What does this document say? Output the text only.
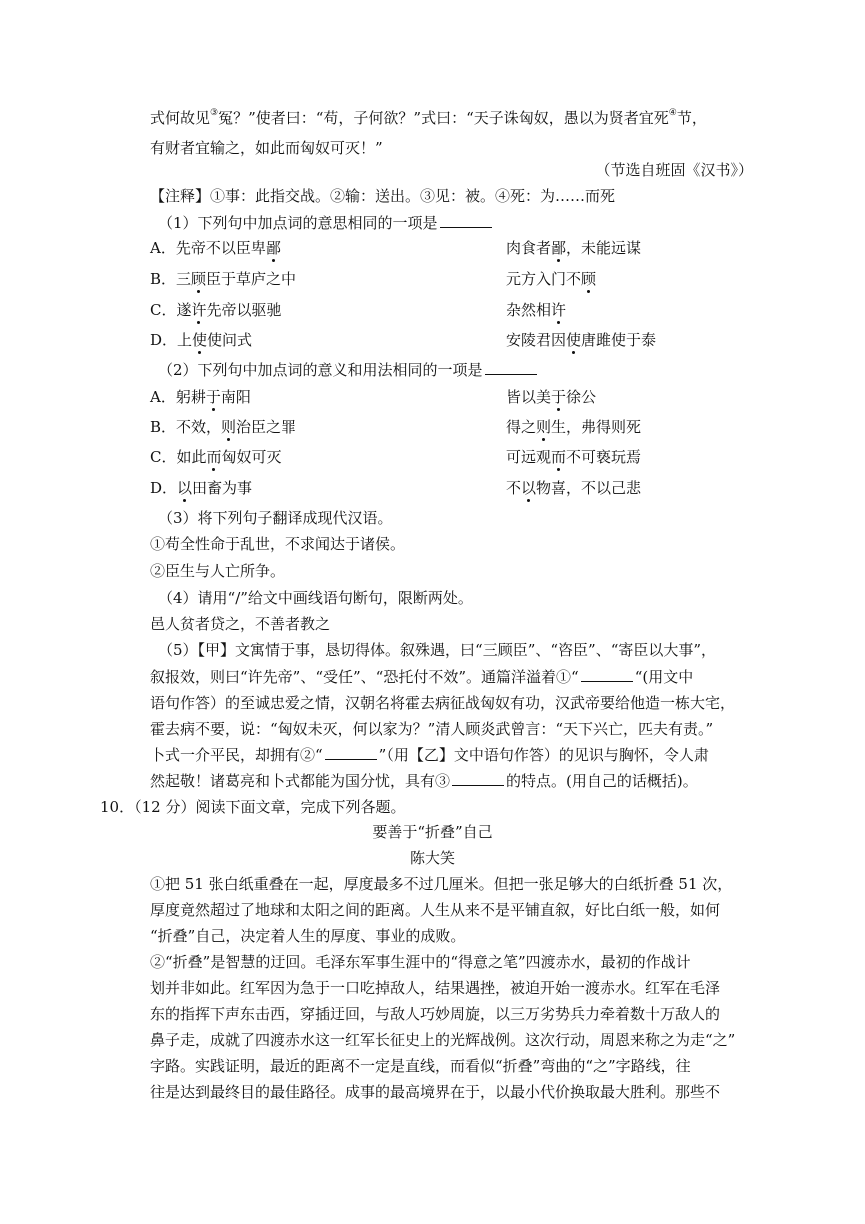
式何故见③冤？”使者曰：“苟，子何欲？”式曰：“天子诛匈奴，愚以为贤者宜死④节，
有财者宜输之，如此而匈奴可灭！”
（节选自班固《汉书》）
【注释】①事：此指交战。②输：送出。③见：被。④死：为……而死
（1）下列句中加点词的意思相同的一项是
A．先帝不以臣卑鄙	肉食者鄙，未能远谋
B．三顾臣于草庐之中	元方入门不顾
C．遂许先帝以驱驰	杂然相许
D．上使使问式	安陵君因使唐雎使于泰
（2）下列句中加点词的意义和用法相同的一项是
A．躬耕于南阳	皆以美于徐公
B．不效，则治臣之罪	得之则生，弗得则死
C．如此而匈奴可灭	可远观而不可亵玩焉
D．以田畜为事	不以物喜，不以己悲
（3）将下列句子翻译成现代汉语。
①苟全性命于乱世，不求闻达于诸侯。
②臣生与人亡所争。
（4）请用“/”给文中画线语句断句，限断两处。
邑人贫者贷之，不善者教之
（5）【甲】文寓情于事，恳切得体。叙殊遇，曰“三顾臣”、“咨臣”、“寄臣以大事”，
叙报效，则曰“许先帝”、“受任”、“恐托付不效”。通篇洋溢着①“	“(用文中
语句作答）的至诚忠爱之情，汉朝名将霍去病征战匈奴有功，汉武帝要给他造一栋大宅，
霍去病不要，说：“匈奴未灭，何以家为？”清人顾炎武曾言：“天下兴亡，匹夫有责。”
卜式一介平民，却拥有②“	”（用【乙】文中语句作答）的见识与胸怀，令人肃
然起敬！诸葛亮和卜式都能为国分忧，具有③	的特点。(用自己的话概括)。
10．（12 分）阅读下面文章，完成下列各题。
要善于“折叠”自己
陈大笑
①把 51 张白纸重叠在一起，厚度最多不过几厘米。但把一张足够大的白纸折叠 51 次，
厚度竟然超过了地球和太阳之间的距离。人生从来不是平铺直叙，好比白纸一般，如何
“折叠”自己，决定着人生的厚度、事业的成败。
②“折叠”是智慧的迂回。毛泽东军事生涯中的“得意之笔”四渡赤水，最初的作战计
划并非如此。红军因为急于一口吃掉敌人，结果遇挫，被迫开始一渡赤水。红军在毛泽
东的指挥下声东击西，穿插迂回，与敌人巧妙周旋，以三万劣势兵力牵着数十万敌人的
鼻子走，成就了四渡赤水这一红军长征史上的光辉战例。这次行动，周恩来称之为走“之”
字路。实践证明，最近的距离不一定是直线，而看似“折叠”弯曲的“之”字路线，往
往是达到最终目的最佳路径。成事的最高境界在于，以最小代价换取最大胜利。那些不
